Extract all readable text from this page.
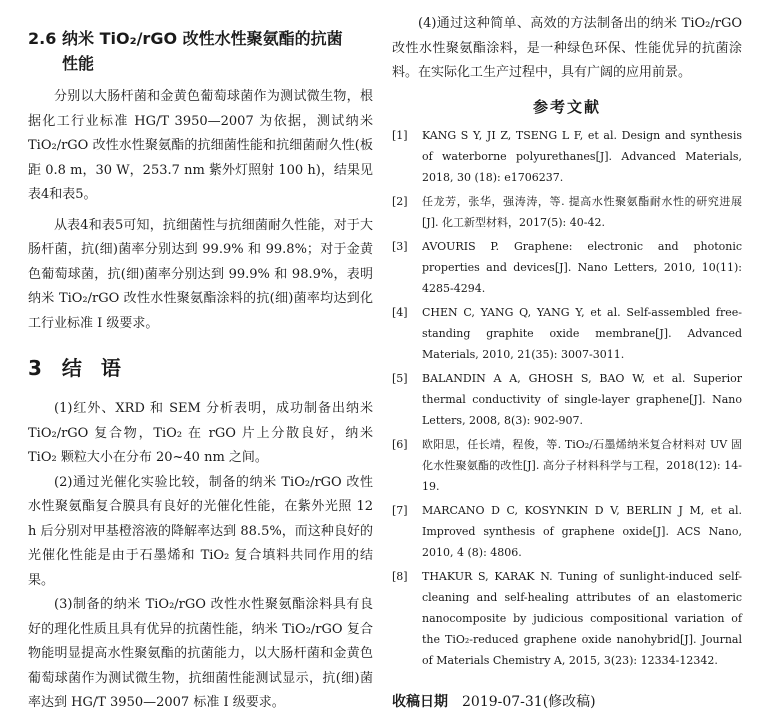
2.6 纳米 TiO₂/rGO 改性水性聚氨酯的抗菌
性能

分别以大肠杆菌和金黄色葡萄球菌作为测试微生物，根据化工行业标准 HG/T 3950—2007 为依据，测试纳米 TiO₂/rGO 改性水性聚氨酯的抗细菌性能和抗细菌耐久性(板距 0.8 m，30 W，253.7 nm 紫外灯照射 100 h)，结果见表4和表5。

从表4和表5可知，抗细菌性与抗细菌耐久性能，对于大肠杆菌，抗(细)菌率分别达到 99.9% 和 99.8%；对于金黄色葡萄球菌，抗(细)菌率分别达到 99.9% 和 98.9%，表明纳米 TiO₂/rGO 改性水性聚氨酯涂料的抗(细)菌率均达到化工行业标准 Ⅰ 级要求。

3 结 语

(1)红外、XRD 和 SEM 分析表明，成功制备出纳米 TiO₂/rGO 复合物，TiO₂ 在 rGO 片上分散良好，纳米 TiO₂ 颗粒大小在分布 20~40 nm 之间。

(2)通过光催化实验比较，制备的纳米 TiO₂/rGO 改性水性聚氨酯复合膜具有良好的光催化性能，在紫外光照 12 h 后分别对甲基橙溶液的降解率达到 88.5%，而这种良好的光催化性能是由于石墨烯和 TiO₂ 复合填料共同作用的结果。

(3)制备的纳米 TiO₂/rGO 改性水性聚氨酯涂料具有良好的理化性质且具有优异的抗菌性能，纳米 TiO₂/rGO 复合物能明显提高水性聚氨酯的抗菌能力，以大肠杆菌和金黄色葡萄球菌作为测试微生物，抗细菌性能测试显示，抗(细)菌率达到 HG/T 3950—2007 标准 Ⅰ 级要求。

(4)通过这种简单、高效的方法制备出的纳米 TiO₂/rGO 改性水性聚氨酯涂料，是一种绿色环保、性能优异的抗菌涂料。在实际化工生产过程中，具有广阔的应用前景。

参考文献
[1]	KANG S Y, JI Z, TSENG L F, et al. Design and synthesis of waterborne polyurethanes[J]. Advanced Materials, 2018, 30 (18): e1706237.
[2]	任龙芳，张华，强涛涛，等. 提高水性聚氨酯耐水性的研究进展[J]. 化工新型材料，2017(5): 40-42.
[3]	AVOURIS P. Graphene: electronic and photonic properties and devices[J]. Nano Letters, 2010, 10(11): 4285-4294.
[4]	CHEN C, YANG Q, YANG Y, et al. Self-assembled free-standing graphite oxide membrane[J]. Advanced Materials, 2010, 21(35): 3007-3011.
[5]	BALANDIN A A, GHOSH S, BAO W, et al. Superior thermal conductivity of single-layer graphene[J]. Nano Letters, 2008, 8(3): 902-907.
[6]	欧阳思，任长靖，程俊，等. TiO₂/石墨烯纳米复合材料对 UV 固化水性聚氨酯的改性[J]. 高分子材料科学与工程，2018(12): 14-19.
[7]	MARCANO D C, KOSYNKIN D V, BERLIN J M, et al. Improved synthesis of graphene oxide[J]. ACS Nano, 2010, 4 (8): 4806.
[8]	THAKUR S, KARAK N. Tuning of sunlight-induced self-cleaning and self-healing attributes of an elastomeric nanocomposite by judicious compositional variation of the TiO₂-reduced graphene oxide nanohybrid[J]. Journal of Materials Chemistry A, 2015, 3(23): 12334-12342.

收稿日期 2019-07-31(修改稿)
